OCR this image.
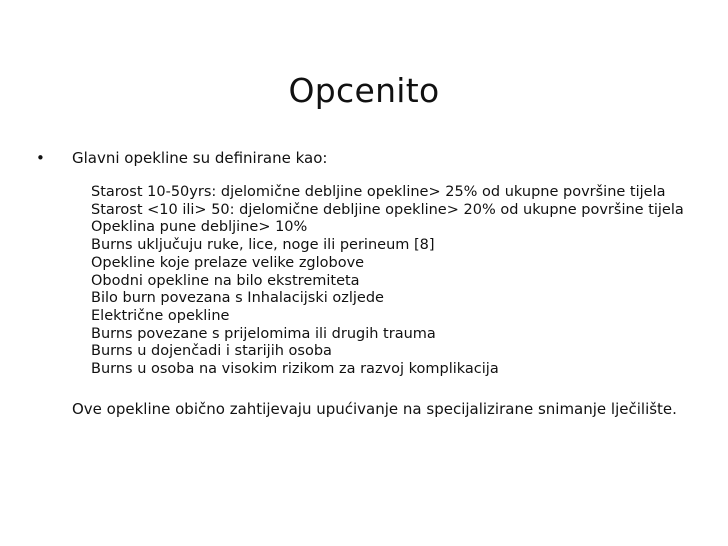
Opcenito
• Glavni opekline su definirane kao:
Starost 10-50yrs: djelomične debljine opekline> 25% od ukupne površine tijela
Starost <10 ili> 50: djelomične debljine opekline> 20% od ukupne površine tijela
Opeklina pune debljine> 10%
Burns uključuju ruke, lice, noge ili perineum [8]
Opekline koje prelaze velike zglobove
Obodni opekline na bilo ekstremiteta
Bilo burn povezana s Inhalacijski ozljede
Električne opekline
Burns povezane s prijelomima ili drugih trauma
Burns u dojenčadi i starijih osoba
Burns u osoba na visokim rizikom za razvoj komplikacija
Ove opekline obično zahtijevaju upućivanje na specijalizirane snimanje lječilište.
